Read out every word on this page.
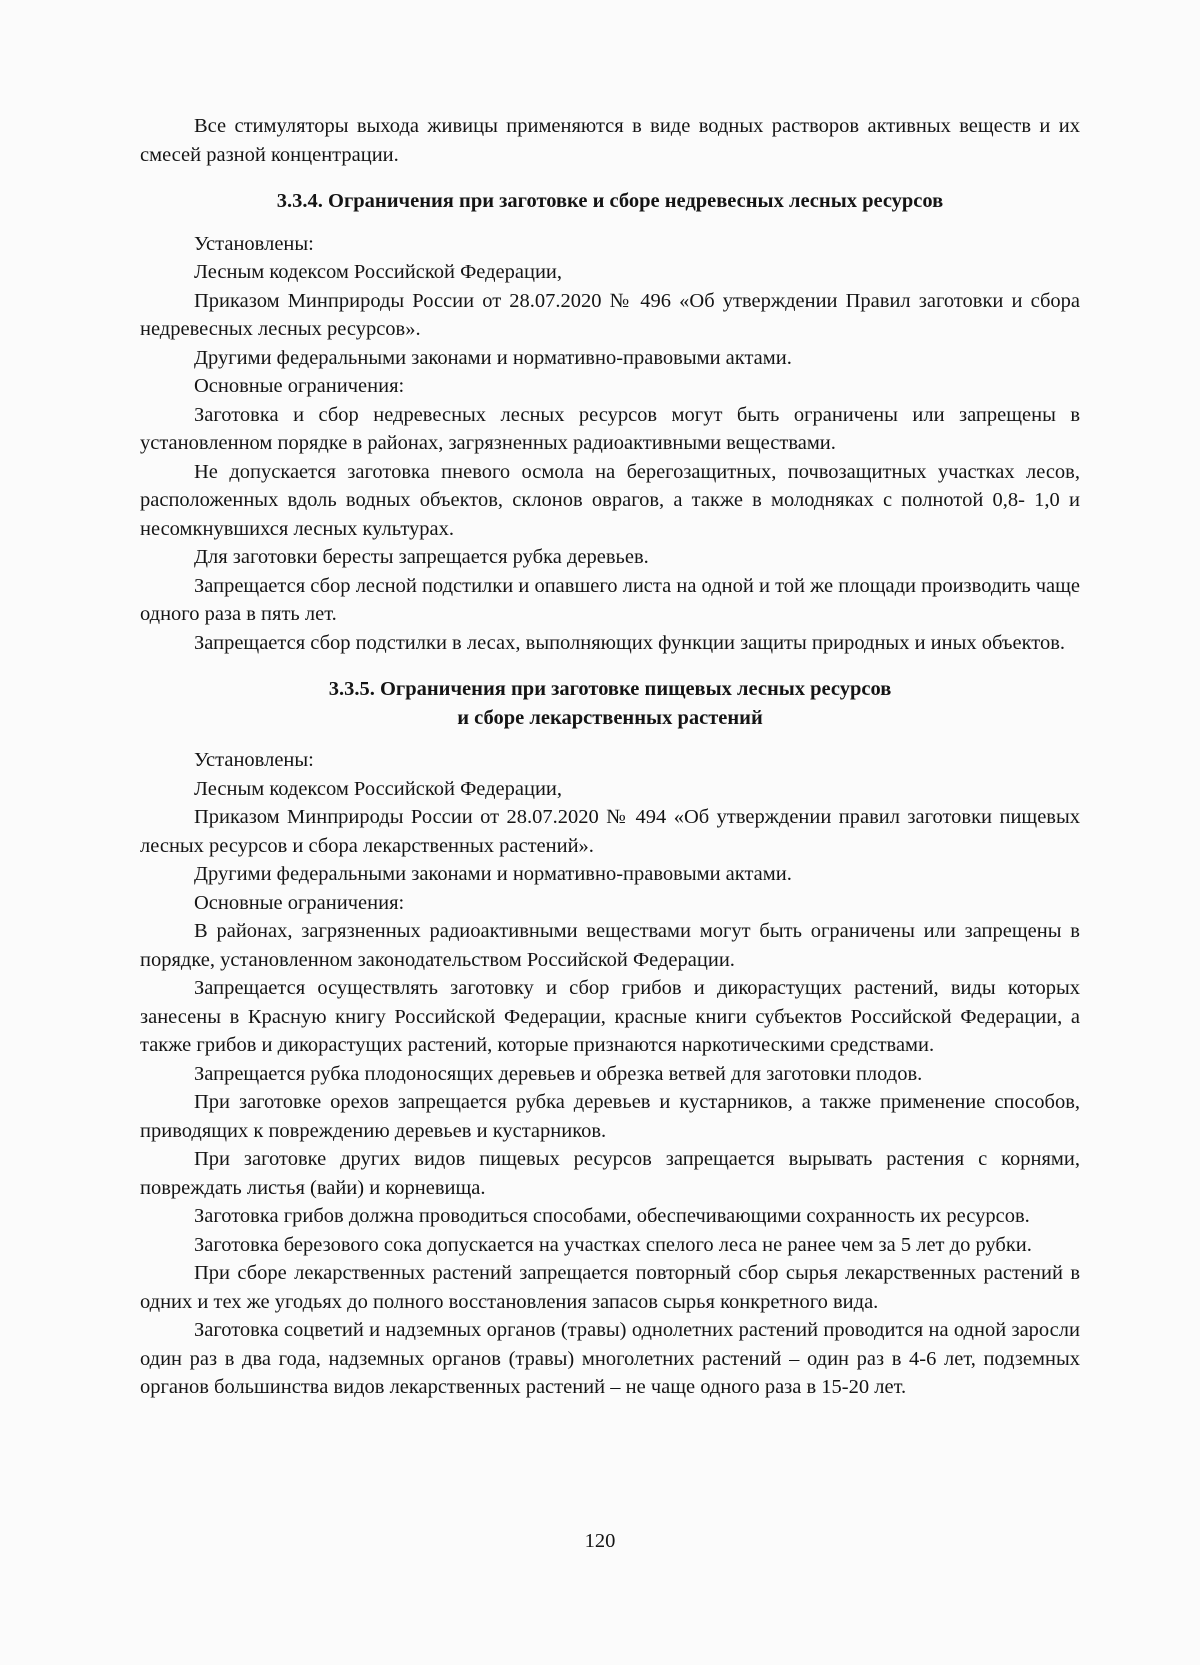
Все стимуляторы выхода живицы применяются в виде водных растворов активных веществ и их смесей разной концентрации.

3.3.4. Ограничения при заготовке и сборе недревесных лесных ресурсов

Установлены:

Лесным кодексом Российской Федерации,

Приказом Минприроды России от 28.07.2020 № 496 «Об утверждении Правил заготовки и сбора недревесных лесных ресурсов».

Другими федеральными законами и нормативно-правовыми актами.

Основные ограничения:

Заготовка и сбор недревесных лесных ресурсов могут быть ограничены или запрещены в установленном порядке в районах, загрязненных радиоактивными веществами.

Не допускается заготовка пневого осмола на берегозащитных, почвозащитных участках лесов, расположенных вдоль водных объектов, склонов оврагов, а также в молодняках с полнотой 0,8- 1,0 и несомкнувшихся лесных культурах.

Для заготовки бересты запрещается рубка деревьев.

Запрещается сбор лесной подстилки и опавшего листа на одной и той же площади производить чаще одного раза в пять лет.

Запрещается сбор подстилки в лесах, выполняющих функции защиты природных и иных объектов.

3.3.5. Ограничения при заготовке пищевых лесных ресурсов
и сборе лекарственных растений

Установлены:

Лесным кодексом Российской Федерации,

Приказом Минприроды России от 28.07.2020 № 494 «Об утверждении правил заготовки пищевых лесных ресурсов и сбора лекарственных растений».

Другими федеральными законами и нормативно-правовыми актами.

Основные ограничения:

В районах, загрязненных радиоактивными веществами могут быть ограничены или запрещены в порядке, установленном законодательством Российской Федерации.

Запрещается осуществлять заготовку и сбор грибов и дикорастущих растений, виды которых занесены в Красную книгу Российской Федерации, красные книги субъектов Российской Федерации, а также грибов и дикорастущих растений, которые признаются наркотическими средствами.

Запрещается рубка плодоносящих деревьев и обрезка ветвей для заготовки плодов.

При заготовке орехов запрещается рубка деревьев и кустарников, а также применение способов, приводящих к повреждению деревьев и кустарников.

При заготовке других видов пищевых ресурсов запрещается вырывать растения с корнями, повреждать листья (вайи) и корневища.

Заготовка грибов должна проводиться способами, обеспечивающими сохранность их ресурсов.

Заготовка березового сока допускается на участках спелого леса не ранее чем за 5 лет до рубки.

При сборе лекарственных растений запрещается повторный сбор сырья лекарственных растений в одних и тех же угодьях до полного восстановления запасов сырья конкретного вида.

Заготовка соцветий и надземных органов (травы) однолетних растений проводится на одной заросли один раз в два года, надземных органов (травы) многолетних растений – один раз в 4-6 лет, подземных органов большинства видов лекарственных растений – не чаще одного раза в 15-20 лет.

120
